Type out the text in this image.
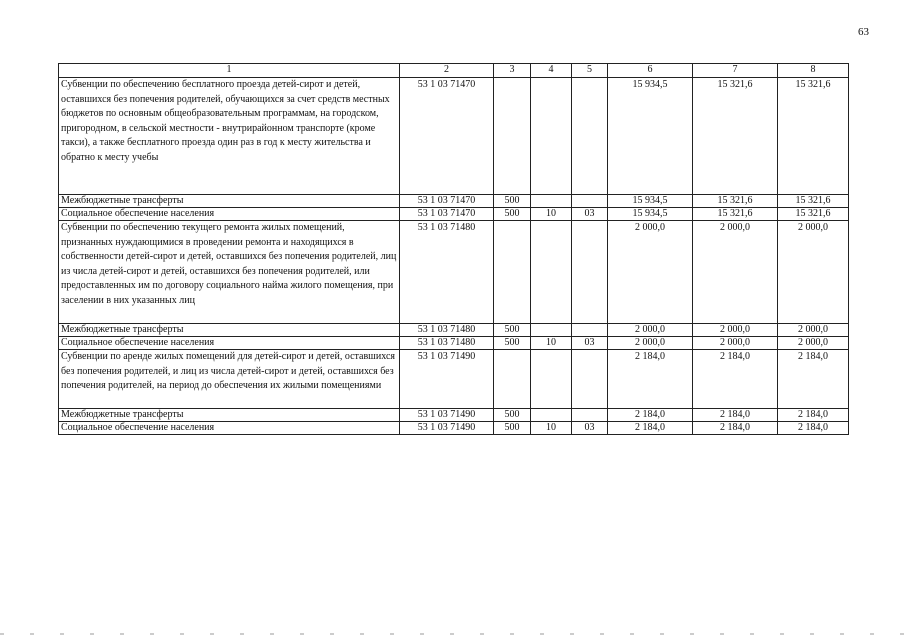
63
1	2	3	4	5	6	7	8
Субвенции по обеспечению бесплатного проезда детей-сирот и детей, оставшихся без попечения родителей, обучающихся за счет средств местных бюджетов по основным общеобразовательным программам, на городском, пригородном, в сельской местности - внутрирайонном транспорте (кроме такси), а также бесплатного проезда один раз в год к месту жительства и обратно к месту учебы	53 1 03 71470				15 934,5	15 321,6	15 321,6
Межбюджетные трансферты	53 1 03 71470	500			15 934,5	15 321,6	15 321,6
Социальное обеспечение населения	53 1 03 71470	500	10	03	15 934,5	15 321,6	15 321,6
Субвенции по обеспечению текущего ремонта жилых помещений, признанных нуждающимися в проведении ремонта и находящихся в собственности детей-сирот и детей, оставшихся без попечения родителей, лиц из числа детей-сирот и детей, оставшихся без попечения родителей, или предоставленных им по договору социального найма жилого помещения, при заселении в них указанных лиц	53 1 03 71480				2 000,0	2 000,0	2 000,0
Межбюджетные трансферты	53 1 03 71480	500			2 000,0	2 000,0	2 000,0
Социальное обеспечение населения	53 1 03 71480	500	10	03	2 000,0	2 000,0	2 000,0
Субвенции по аренде жилых помещений для детей-сирот и детей, оставшихся без попечения родителей, и лиц из числа детей-сирот и детей, оставшихся без попечения родителей, на период до обеспечения их жилыми помещениями	53 1 03 71490				2 184,0	2 184,0	2 184,0
Межбюджетные трансферты	53 1 03 71490	500			2 184,0	2 184,0	2 184,0
Социальное обеспечение населения	53 1 03 71490	500	10	03	2 184,0	2 184,0	2 184,0
